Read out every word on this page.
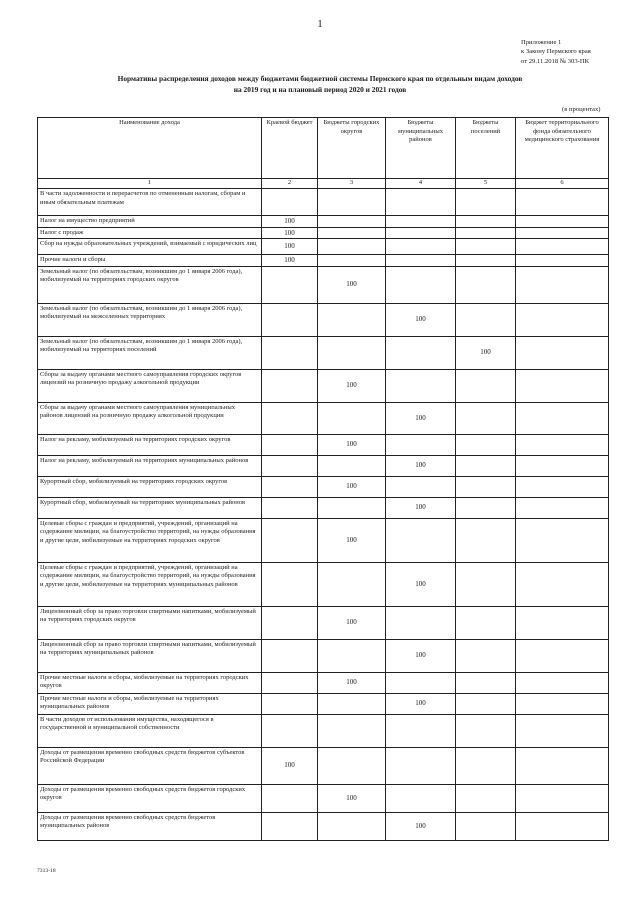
1
Приложение 1
к Закону Пермского края
от 29.11.2018 № 303-ПК
Нормативы распределения доходов между бюджетами бюджетной системы Пермского края по отдельным видам доходов
на 2019 год и на плановый период 2020 и 2021 годов
(в процентах)
Наименование дохода	Краевой бюджет	Бюджеты городских округов	Бюджеты муниципальных районов	Бюджеты поселений	Бюджет территориального фонда обязательного медицинского страхования
1	2	3	4	5	6
В части задолженности и перерасчетов по отмененным налогам, сборам и иным обязательным платежам					
Налог на имущество предприятий	100				
Налог с продаж	100				
Сбор на нужды образовательных учреждений, взимаемый с юридических лиц	100				
Прочие налоги и сборы	100				
Земельный налог (по обязательствам, возникшим до 1 января 2006 года), мобилизуемый на территориях городских округов		100			
Земельный налог (по обязательствам, возникшим до 1 января 2006 года), мобилизуемый на межселенных территориях			100		
Земельный налог (по обязательствам, возникшим до 1 января 2006 года), мобилизуемый на территориях поселений				100	
Сборы за выдачу органами местного самоуправления городских округов лицензий на розничную продажу алкогольной продукции		100			
Сборы за выдачу органами местного самоуправления муниципальных районов лицензий на розничную продажу алкогольной продукции			100		
Налог на рекламу, мобилизуемый на территориях городских округов		100			
Налог на рекламу, мобилизуемый на территориях муниципальных районов			100		
Курортный сбор, мобилизуемый на территориях городских округов		100			
Курортный сбор, мобилизуемый на территориях муниципальных районов			100		
Целевые сборы с граждан и предприятий, учреждений, организаций на содержание милиции, на благоустройство территорий, на нужды образования и другие цели, мобилизуемые на территориях городских округов		100			
Целевые сборы с граждан и предприятий, учреждений, организаций на содержание милиции, на благоустройство территорий, на нужды образования и другие цели, мобилизуемые на территориях муниципальных районов			100		
Лицензионный сбор за право торговли спиртными напитками, мобилизуемый на территориях городских округов		100			
Лицензионный сбор за право торговли спиртными напитками, мобилизуемый на территориях муниципальных районов			100		
Прочие местные налоги и сборы, мобилизуемые на территориях городских округов		100			
Прочие местные налоги и сборы, мобилизуемые на территориях муниципальных районов			100		
В части доходов от использования имущества, находящегося в государственной и муниципальной собственности					
Доходы от размещения временно свободных средств бюджетов субъектов Российской Федерации	100				
Доходы от размещения временно свободных средств бюджетов городских округов		100			
Доходы от размещения временно свободных средств бюджетов муниципальных районов			100		
7313-18
